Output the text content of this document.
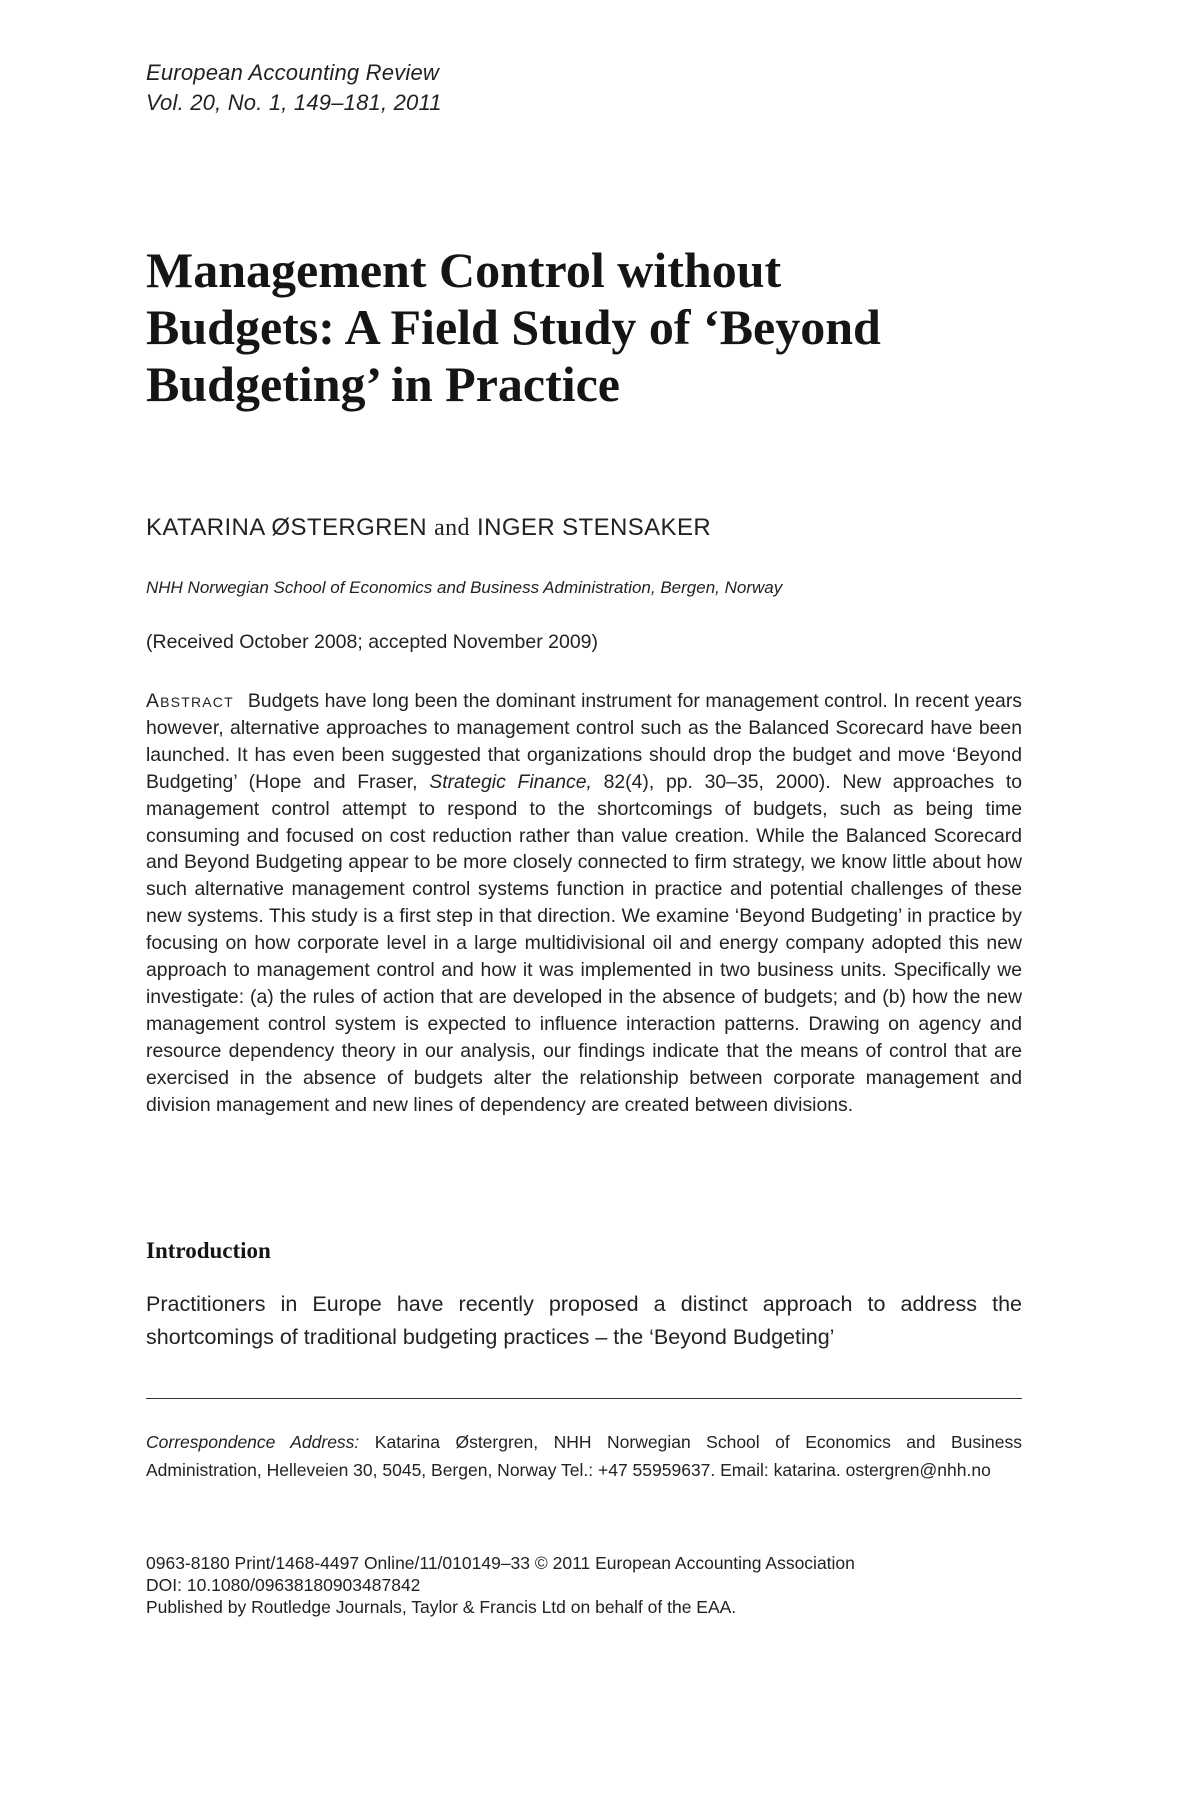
European Accounting Review
Vol. 20, No. 1, 149–181, 2011
Management Control without
Budgets: A Field Study of ‘Beyond
Budgeting’ in Practice
KATARINA ØSTERGREN and INGER STENSAKER
NHH Norwegian School of Economics and Business Administration, Bergen, Norway
(Received October 2008; accepted November 2009)

Abstract Budgets have long been the dominant instrument for management control. In recent years however, alternative approaches to management control such as the Balanced Scorecard have been launched. It has even been suggested that organizations should drop the budget and move ‘Beyond Budgeting’ (Hope and Fraser, Strategic Finance, 82(4), pp. 30–35, 2000). New approaches to management control attempt to respond to the shortcomings of budgets, such as being time consuming and focused on cost reduction rather than value creation. While the Balanced Scorecard and Beyond Budgeting appear to be more closely connected to firm strategy, we know little about how such alternative management control systems function in practice and potential challenges of these new systems. This study is a first step in that direction. We examine ‘Beyond Budgeting’ in practice by focusing on how corporate level in a large multidivisional oil and energy company adopted this new approach to management control and how it was implemented in two business units. Specifically we investigate: (a) the rules of action that are developed in the absence of budgets; and (b) how the new management control system is expected to influence interaction patterns. Drawing on agency and resource dependency theory in our analysis, our findings indicate that the means of control that are exercised in the absence of budgets alter the relationship between corporate management and division management and new lines of dependency are created between divisions.

Introduction

Practitioners in Europe have recently proposed a distinct approach to address the shortcomings of traditional budgeting practices – the ‘Beyond Budgeting’

Correspondence Address: Katarina Østergren, NHH Norwegian School of Economics and Business Administration, Helleveien 30, 5045, Bergen, Norway Tel.: +47 55959637. Email: katarina. ostergren@nhh.no

0963-8180 Print/1468-4497 Online/11/010149–33 © 2011 European Accounting Association
DOI: 10.1080/09638180903487842
Published by Routledge Journals, Taylor & Francis Ltd on behalf of the EAA.
